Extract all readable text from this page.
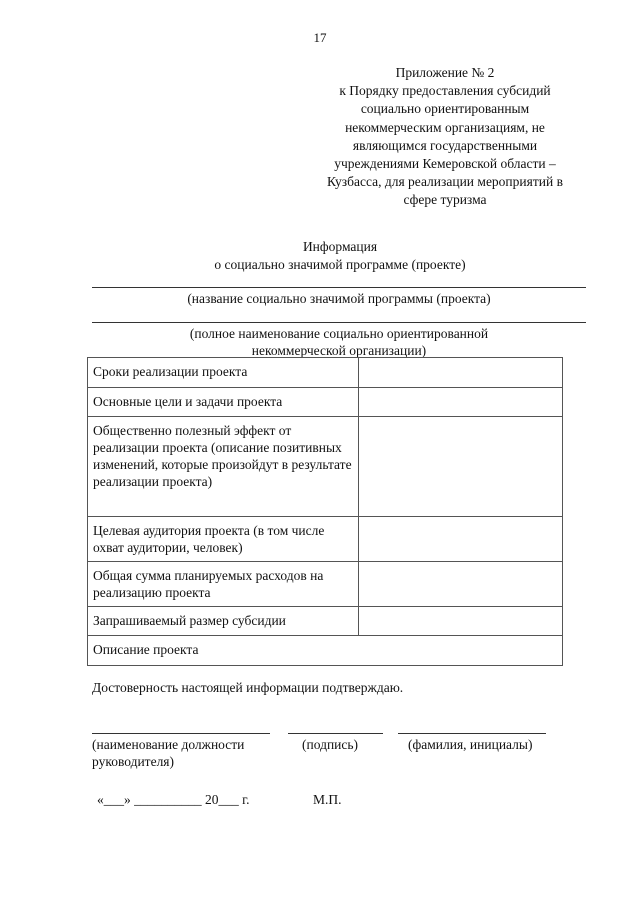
17
Приложение № 2
к Порядку предоставления субсидий
социально ориентированным
некоммерческим организациям, не
являющимся государственными
учреждениями Кемеровской области –
Кузбасса, для реализации мероприятий в
сфере туризма
Информация
о социально значимой программе (проекте)
(название социально значимой программы (проекта)
(полное наименование социально ориентированной
некоммерческой организации)
Сроки реализации проекта	
Основные цели и задачи проекта	
Общественно полезный эффект от реализации проекта (описание позитивных изменений, которые произойдут в результате реализации проекта)	
Целевая аудитория проекта (в том числе охват аудитории, человек)	
Общая сумма планируемых расходов на реализацию проекта	
Запрашиваемый размер субсидии	
Описание проекта	
Достоверность настоящей информации подтверждаю.
(наименование должности
руководителя)
(подпись)	(фамилия, инициалы)
«___» __________ 20___ г.	М.П.
